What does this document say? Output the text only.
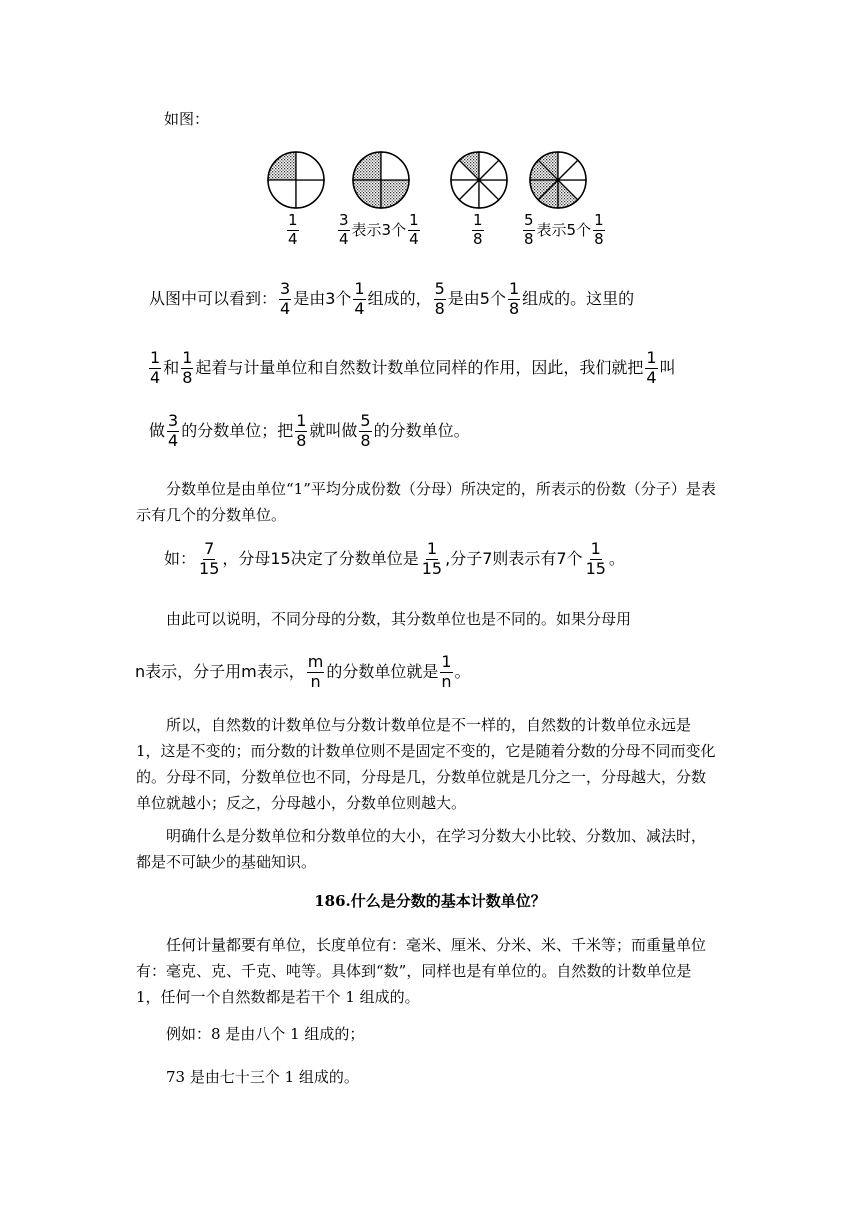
如图：
$\frac{1}{4}$	$\frac{3}{4}$ 表示3个 $\frac{1}{4}$	$\frac{1}{8}$	$\frac{5}{8}$ 表示5个 $\frac{1}{8}$
从图中可以看到： $\frac{3}{4}$ 是由3个 $\frac{1}{4}$ 组成的， $\frac{5}{8}$ 是由5个 $\frac{1}{8}$ 组成的。这里的
$\frac{1}{4}$ 和 $\frac{1}{8}$ 起着与计量单位和自然数计数单位同样的作用，因此，我们就把 $\frac{1}{4}$ 叫
做 $\frac{3}{4}$ 的分数单位；把 $\frac{1}{8}$ 就叫做 $\frac{5}{8}$ 的分数单位。
分数单位是由单位“1”平均分成份数（分母）所决定的，所表示的份数（分子）是表示有几个的分数单位。
如： $\frac{7}{15}$ ，分母15决定了分数单位是 $\frac{1}{15}$ ,分子7则表示有7个 $\frac{1}{15}$ 。
由此可以说明，不同分母的分数，其分数单位也是不同的。如果分母用
n表示，分子用m表示， $\frac{m}{n}$ 的分数单位就是 $\frac{1}{n}$ 。
所以，自然数的计数单位与分数计数单位是不一样的，自然数的计数单位永远是 1，这是不变的；而分数的计数单位则不是固定不变的，它是随着分数的分母不同而变化的。分母不同，分数单位也不同，分母是几，分数单位就是几分之一，分母越大，分数单位就越小；反之，分母越小，分数单位则越大。
明确什么是分数单位和分数单位的大小，在学习分数大小比较、分数加、减法时，都是不可缺少的基础知识。
186.什么是分数的基本计数单位？
任何计量都要有单位，长度单位有：毫米、厘米、分米、米、千米等；而重量单位有：毫克、克、千克、吨等。具体到“数”，同样也是有单位的。自然数的计数单位是 1，任何一个自然数都是若干个 1 组成的。
例如：8 是由八个 1 组成的；
73 是由七十三个 1 组成的。
